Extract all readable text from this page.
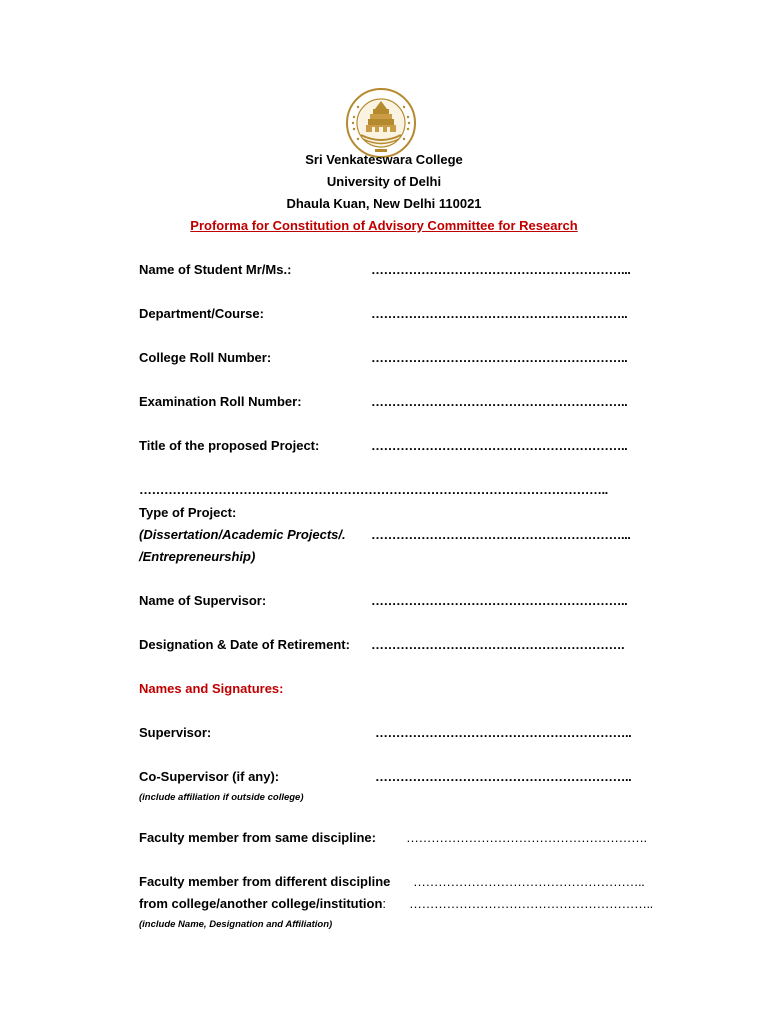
Sri Venkateswara College
University of Delhi
Dhaula Kuan, New Delhi 110021
Proforma for Constitution of Advisory Committee for Research
Name of Student Mr/Ms.:	……………………………………………………...
Department/Course:	……………………………………………………..
College Roll Number:	……………………………………………………..
Examination Roll Number:	……………………………………………………..
Title of the proposed Project:	……………………………………………………..
…………………………………………………………………………………………………..
Type of Project:
(Dissertation/Academic Projects/. ……………………………………………………...
/Entrepreneurship)
Name of Supervisor:	……………………………………………………..
Designation & Date of Retirement: …………………………………………………….
Names and Signatures:
Supervisor:	……………………………………………………..
Co-Supervisor (if any):	……………………………………………………..
(include affiliation if outside college)
Faculty member from same discipline: ………………………………………………….
Faculty member from different discipline ………………………………………………..
from college/another college/institution: …………………………………………………..
(include Name, Designation and Affiliation)
